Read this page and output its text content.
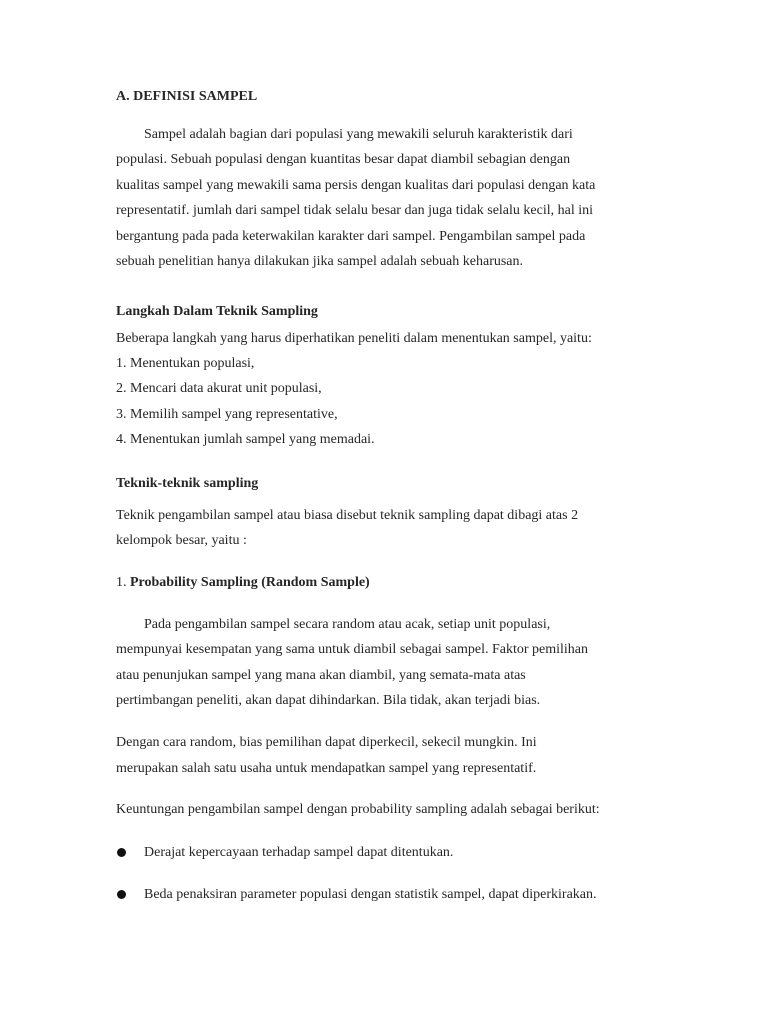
A. DEFINISI SAMPEL
Sampel adalah bagian dari populasi yang mewakili seluruh karakteristik dari
populasi. Sebuah populasi dengan kuantitas besar dapat diambil sebagian dengan
kualitas sampel yang mewakili sama persis dengan kualitas dari populasi dengan kata
representatif. jumlah dari sampel tidak selalu besar dan juga tidak selalu kecil, hal ini
bergantung pada pada keterwakilan karakter dari sampel. Pengambilan sampel pada
sebuah penelitian hanya dilakukan jika sampel adalah sebuah keharusan.
Langkah Dalam Teknik Sampling
Beberapa langkah yang harus diperhatikan peneliti dalam menentukan sampel, yaitu:
1. Menentukan populasi,
2. Mencari data akurat unit populasi,
3. Memilih sampel yang representative,
4. Menentukan jumlah sampel yang memadai.
Teknik-teknik sampling
Teknik pengambilan sampel atau biasa disebut teknik sampling dapat dibagi atas 2
kelompok besar, yaitu :
1. Probability Sampling (Random Sample)
Pada pengambilan sampel secara random atau acak, setiap unit populasi,
mempunyai kesempatan yang sama untuk diambil sebagai sampel. Faktor pemilihan
atau penunjukan sampel yang mana akan diambil, yang semata-mata atas
pertimbangan peneliti, akan dapat dihindarkan. Bila tidak, akan terjadi bias.
Dengan cara random, bias pemilihan dapat diperkecil, sekecil mungkin. Ini
merupakan salah satu usaha untuk mendapatkan sampel yang representatif.
Keuntungan pengambilan sampel dengan probability sampling adalah sebagai berikut:
Derajat kepercayaan terhadap sampel dapat ditentukan.
Beda penaksiran parameter populasi dengan statistik sampel, dapat diperkirakan.
